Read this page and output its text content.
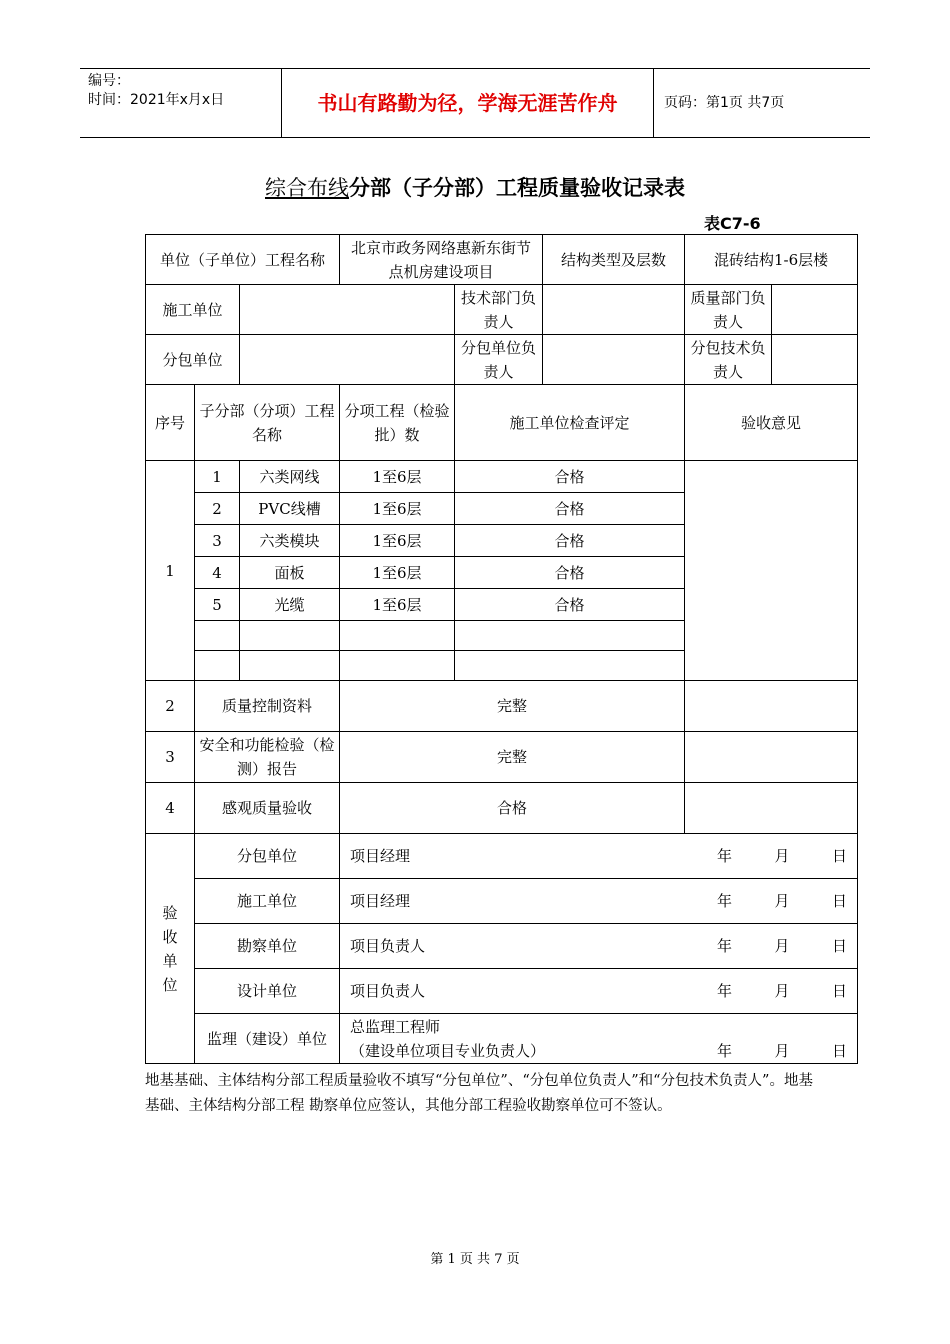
编号：
时间：2021年x月x日	书山有路勤为径，学海无涯苦作舟	页码：第1页 共7页
综合布线分部（子分部）工程质量验收记录表
表C7-6
单位（子单位）工程名称			北京市政务网络惠新东街节点机房建设项目		结构类型及层数	混砖结构1-6层楼	
施工单位				技术部门负责人		质量部门负责人	
分包单位				分包单位负责人		分包技术负责人	
序号	子分部（分项）工程名称		分项工程（检验批）数	施工单位检查评定		验收意见	
1	1	六类网线	1至6层	合格			
	2	PVC线槽	1至6层	合格			
	3	六类模块	1至6层	合格			
	4	面板	1至6层	合格			
	5	光缆	1至6层	合格			

2	质量控制资料		完整				
3	安全和功能检验（检测）报告		完整				
4	感观质量验收		合格				
验收单位	分包单位		项目经理 年 月 日				

	施工单位		项目经理 年 月 日				

	勘察单位		项目负责人 年 月 日				

	设计单位		项目负责人 年 月 日				

	监理（建设）单位		总监理工程师
（建设单位项目专业负责人） 年 月 日				
地基基础、主体结构分部工程质量验收不填写“分包单位”、“分包单位负责人”和“分包技术负责人”。地基基础、主体结构分部工程 勘察单位应签认，其他分部工程验收勘察单位可不签认。
第 1 页 共 7 页
